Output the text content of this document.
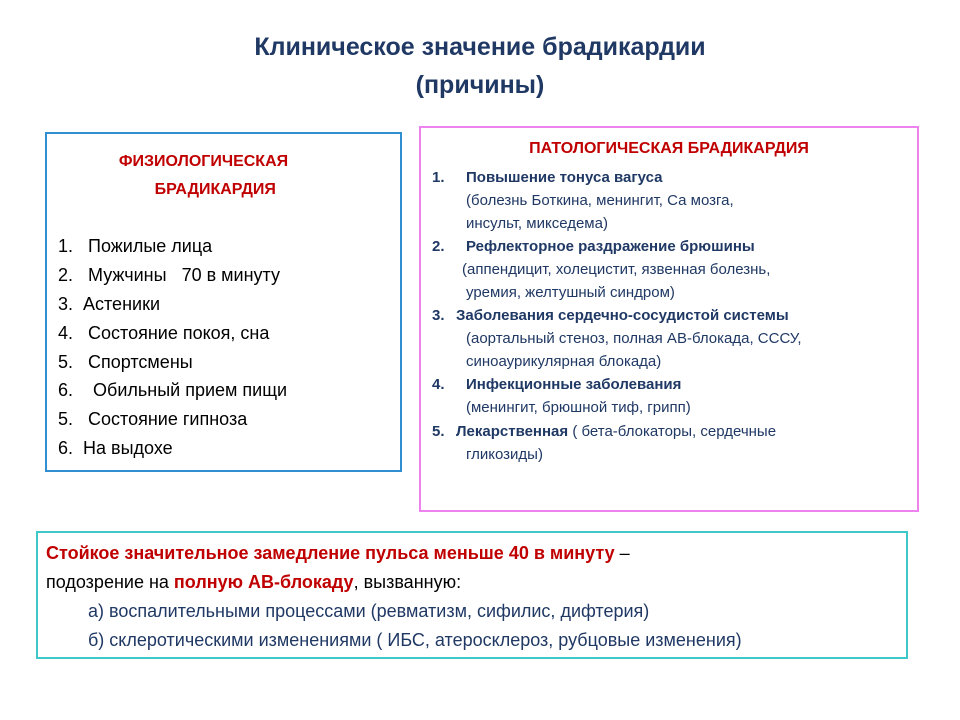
Клиническое значение брадикардии
(причины)
ФИЗИОЛОГИЧЕСКАЯ
БРАДИКАРДИЯ
1.   Пожилые лица
2.   Мужчины   70 в минуту
3.  Астеники
4.   Состояние покоя, сна
5.   Спортсмены
6.    Обильный прием пищи
5.   Состояние гипноза
6.  На выдохе
ПАТОЛОГИЧЕСКАЯ БРАДИКАРДИЯ
1. Повышение тонуса вагуса
(болезнь Боткина, менингит, Са мозга,
инсульт, микседема)
2. Рефлекторное раздражение брюшины
(аппендицит, холецистит, язвенная болезнь,
уремия, желтушный синдром)
3. Заболевания сердечно-сосудистой системы
(аортальный стеноз, полная АВ-блокада, СССУ,
синоаурикулярная блокада)
4. Инфекционные заболевания
(менингит, брюшной тиф, грипп)
5. Лекарственная ( бета-блокаторы, сердечные
гликозиды)
Стойкое значительное замедление пульса меньше 40 в минуту –
подозрение на полную АВ-блокаду, вызванную:
а) воспалительными процессами (ревматизм, сифилис, дифтерия)
б) склеротическими изменениями ( ИБС, атеросклероз, рубцовые изменения)
